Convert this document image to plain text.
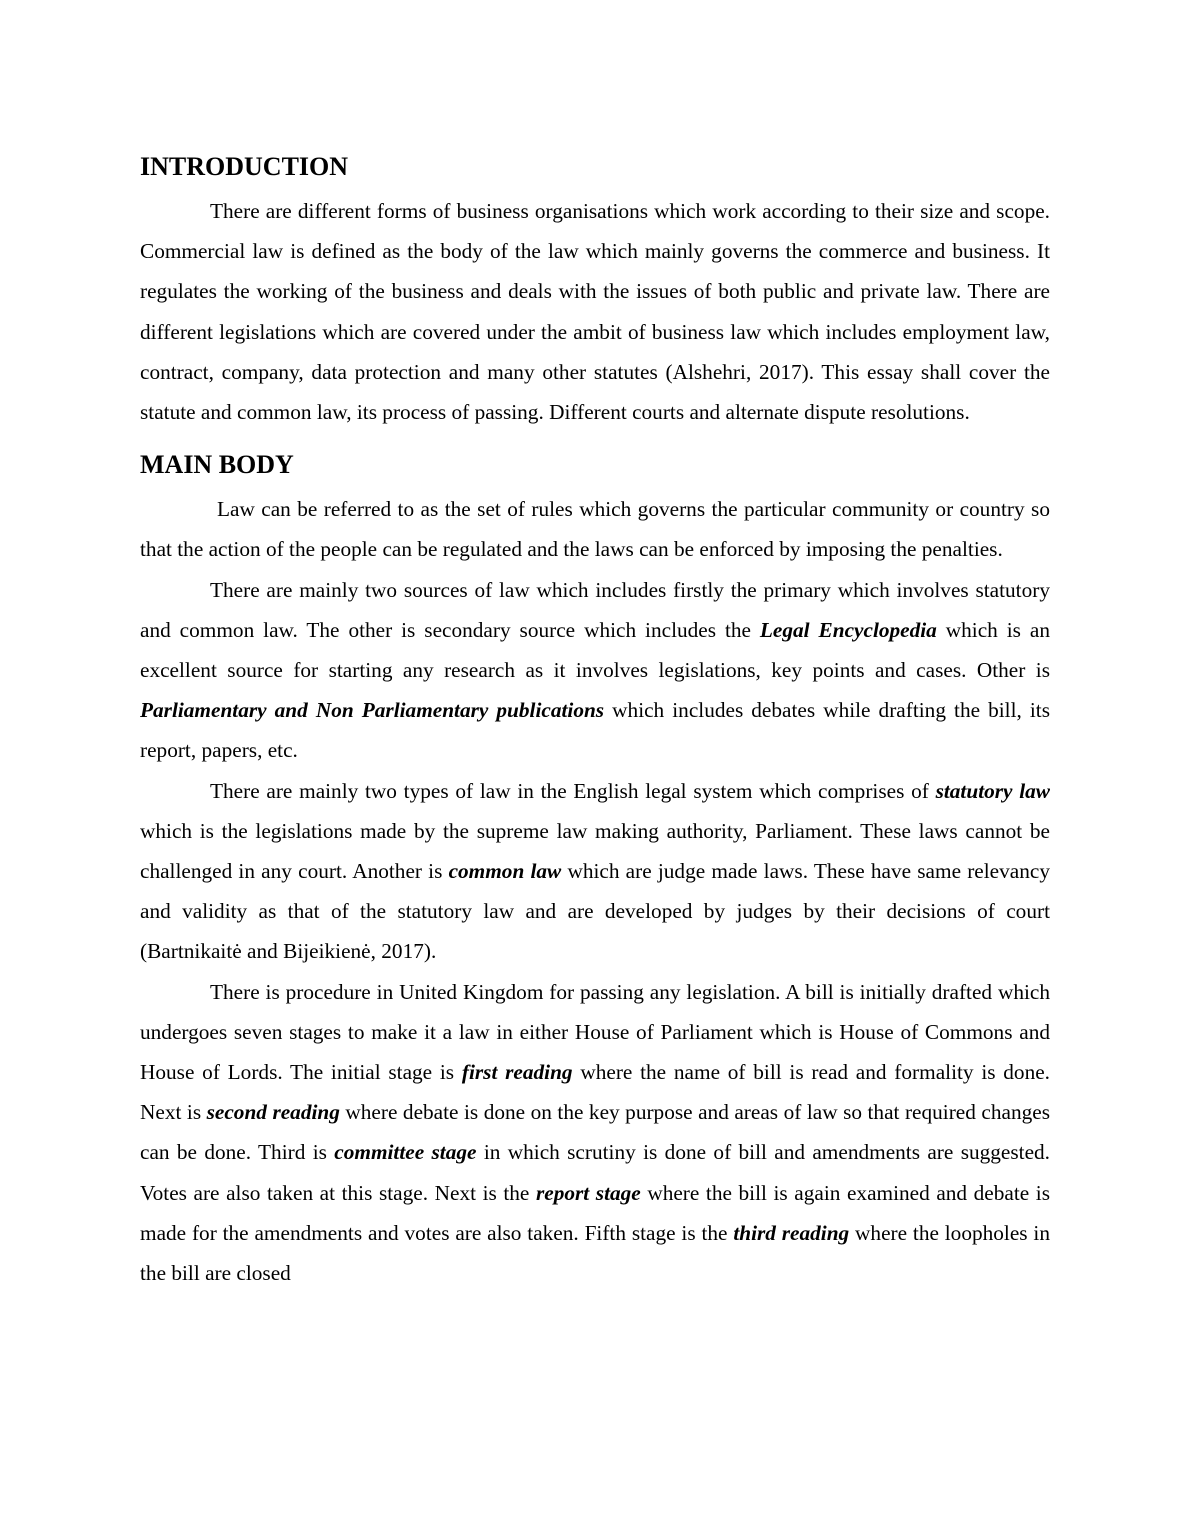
INTRODUCTION

There are different forms of business organisations which work according to their size and scope. Commercial law is defined as the body of the law which mainly governs the commerce and business. It regulates the working of the business and deals with the issues of both public and private law. There are different legislations which are covered under the ambit of business law which includes employment law, contract, company, data protection and many other statutes (Alshehri, 2017). This essay shall cover the statute and common law, its process of passing. Different courts and alternate dispute resolutions.

MAIN BODY

Law can be referred to as the set of rules which governs the particular community or country so that the action of the people can be regulated and the laws can be enforced by imposing the penalties.

There are mainly two sources of law which includes firstly the primary which involves statutory and common law. The other is secondary source which includes the Legal Encyclopedia which is an excellent source for starting any research as it involves legislations, key points and cases. Other is Parliamentary and Non Parliamentary publications which includes debates while drafting the bill, its report, papers, etc.

There are mainly two types of law in the English legal system which comprises of statutory law which is the legislations made by the supreme law making authority, Parliament. These laws cannot be challenged in any court. Another is common law which are judge made laws. These have same relevancy and validity as that of the statutory law and are developed by judges by their decisions of court (Bartnikaitė and Bijeikienė, 2017).

There is procedure in United Kingdom for passing any legislation. A bill is initially drafted which undergoes seven stages to make it a law in either House of Parliament which is House of Commons and House of Lords. The initial stage is first reading where the name of bill is read and formality is done. Next is second reading where debate is done on the key purpose and areas of law so that required changes can be done. Third is committee stage in which scrutiny is done of bill and amendments are suggested. Votes are also taken at this stage. Next is the report stage where the bill is again examined and debate is made for the amendments and votes are also taken. Fifth stage is the third reading where the loopholes in the bill are closed
